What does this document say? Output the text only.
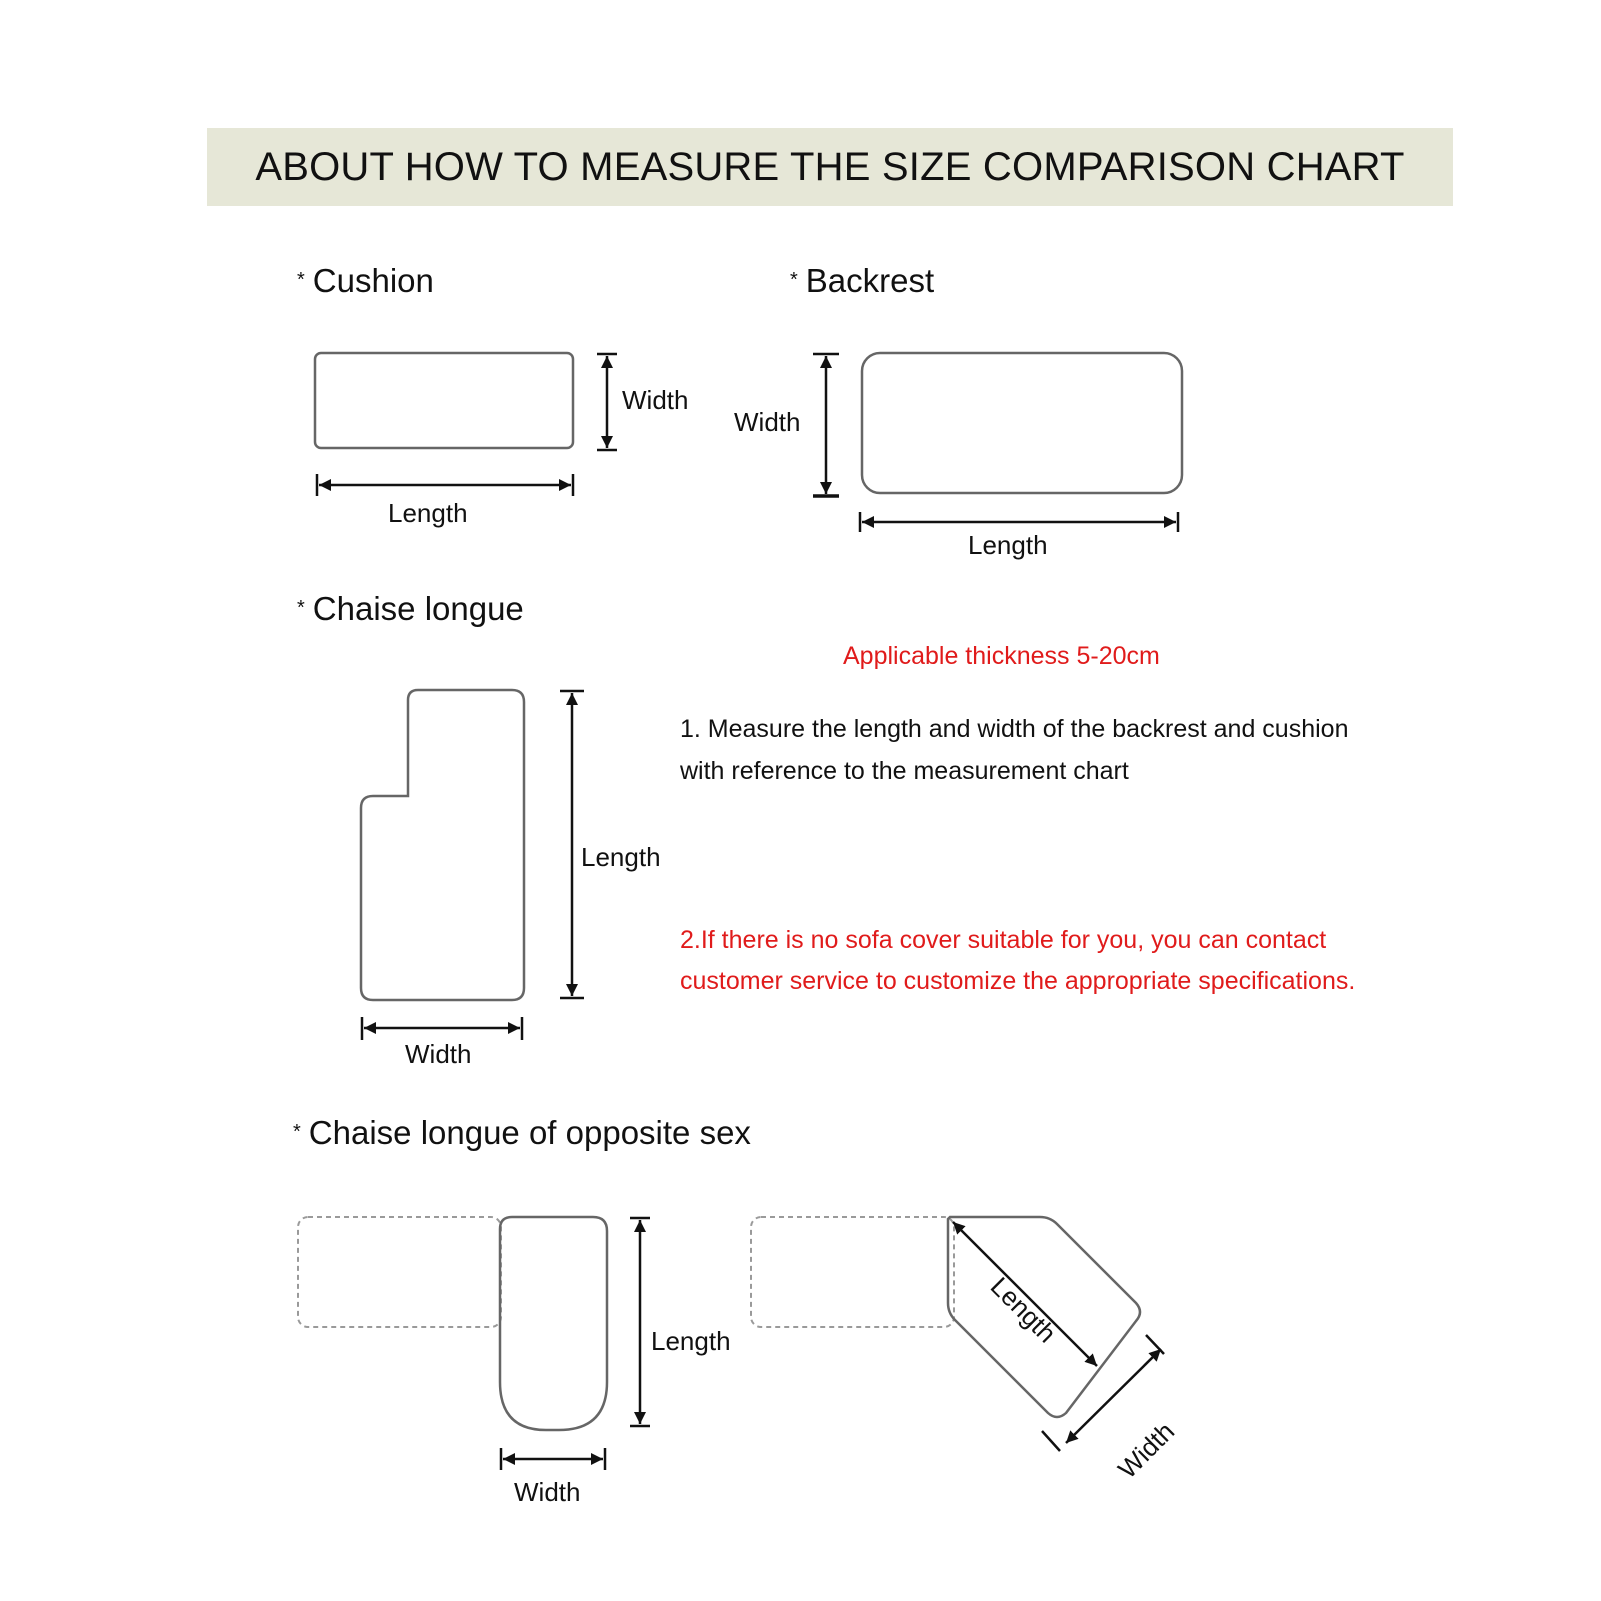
ABOUT HOW TO MEASURE THE SIZE COMPARISON CHART
* Cushion	* Backrest
* Chaise longue
* Chaise longue of opposite sex
Width
Length
Width
Length
Length
Width
Length
Width
Length
Width
Applicable thickness 5-20cm
1. Measure the length and width of the backrest and cushion
with reference to the measurement chart
2.If there is no sofa cover suitable for you, you can contact
customer service to customize the appropriate specifications.
